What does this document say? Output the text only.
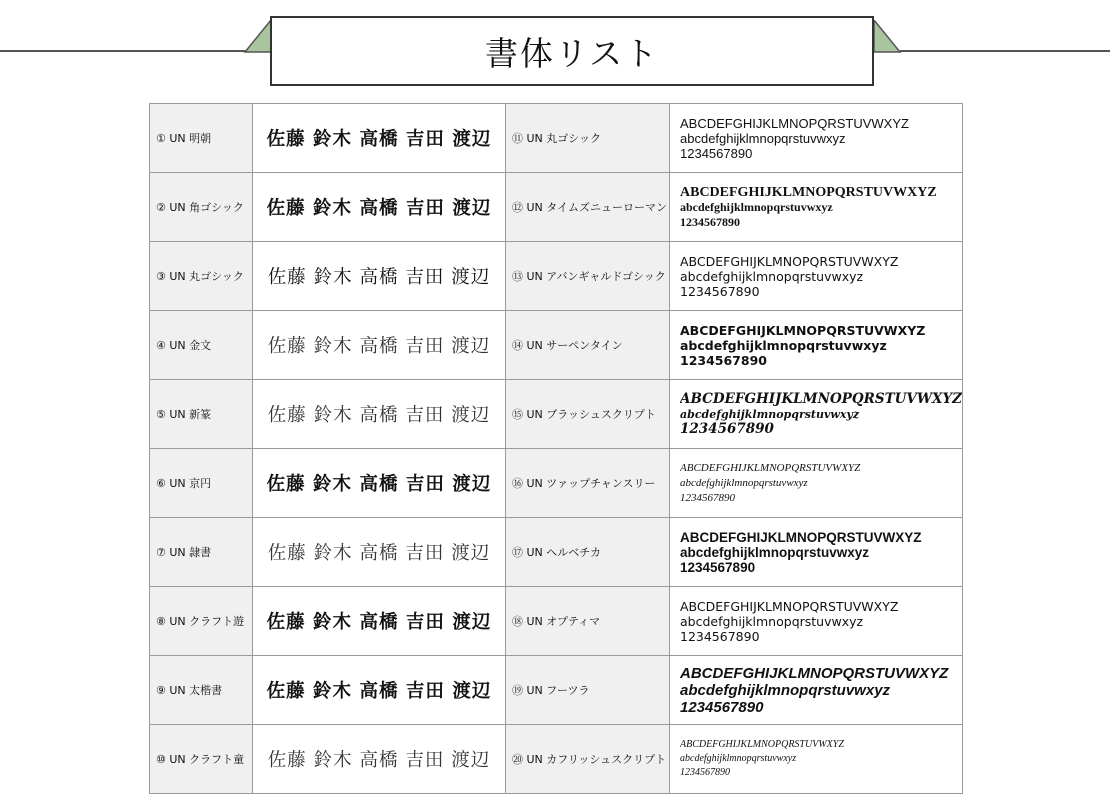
書体リスト
① UN 明朝	佐藤 鈴木 高橋 吉田 渡辺	⑪ UN 丸ゴシック	ABCDEFGHIJKLMNOPQRSTUVWXYZ
abcdefghijklmnopqrstuvwxyz
1234567890

② UN 角ゴシック	佐藤 鈴木 高橋 吉田 渡辺	⑫ UN タイムズニューローマン	ABCDEFGHIJKLMNOPQRSTUVWXYZ
abcdefghijklmnopqrstuvwxyz
1234567890

③ UN 丸ゴシック	佐藤 鈴木 高橋 吉田 渡辺	⑬ UN アバンギャルドゴシック	ABCDEFGHIJKLMNOPQRSTUVWXYZ
abcdefghijklmnopqrstuvwxyz
1234567890

④ UN 金文	佐藤 鈴木 高橋 吉田 渡辺	⑭ UN サーペンタイン	ABCDEFGHIJKLMNOPQRSTUVWXYZ
abcdefghijklmnopqrstuvwxyz
1234567890

⑤ UN 新篆	佐藤 鈴木 高橋 吉田 渡辺	⑮ UN ブラッシュスクリプト	ABCDEFGHIJKLMNOPQRSTUVWXYZ
abcdefghijklmnopqrstuvwxyz
1234567890

⑥ UN 京円	佐藤 鈴木 高橋 吉田 渡辺	⑯ UN ツァップチャンスリー	ABCDEFGHIJKLMNOPQRSTUVWXYZ
abcdefghijklmnopqrstuvwxyz
1234567890

⑦ UN 隷書	佐藤 鈴木 高橋 吉田 渡辺	⑰ UN ヘルベチカ	ABCDEFGHIJKLMNOPQRSTUVWXYZ
abcdefghijklmnopqrstuvwxyz
1234567890

⑧ UN クラフト遊	佐藤 鈴木 高橋 吉田 渡辺	⑱ UN オプティマ	ABCDEFGHIJKLMNOPQRSTUVWXYZ
abcdefghijklmnopqrstuvwxyz
1234567890

⑨ UN 太楷書	佐藤 鈴木 高橋 吉田 渡辺	⑲ UN フーツラ	ABCDEFGHIJKLMNOPQRSTUVWXYZ
abcdefghijklmnopqrstuvwxyz
1234567890

⑩ UN クラフト童	佐藤 鈴木 高橋 吉田 渡辺	⑳ UN カフリッシュスクリプト	ABCDEFGHIJKLMNOPQRSTUVWXYZ
abcdefghijklmnopqrstuvwxyz
1234567890
